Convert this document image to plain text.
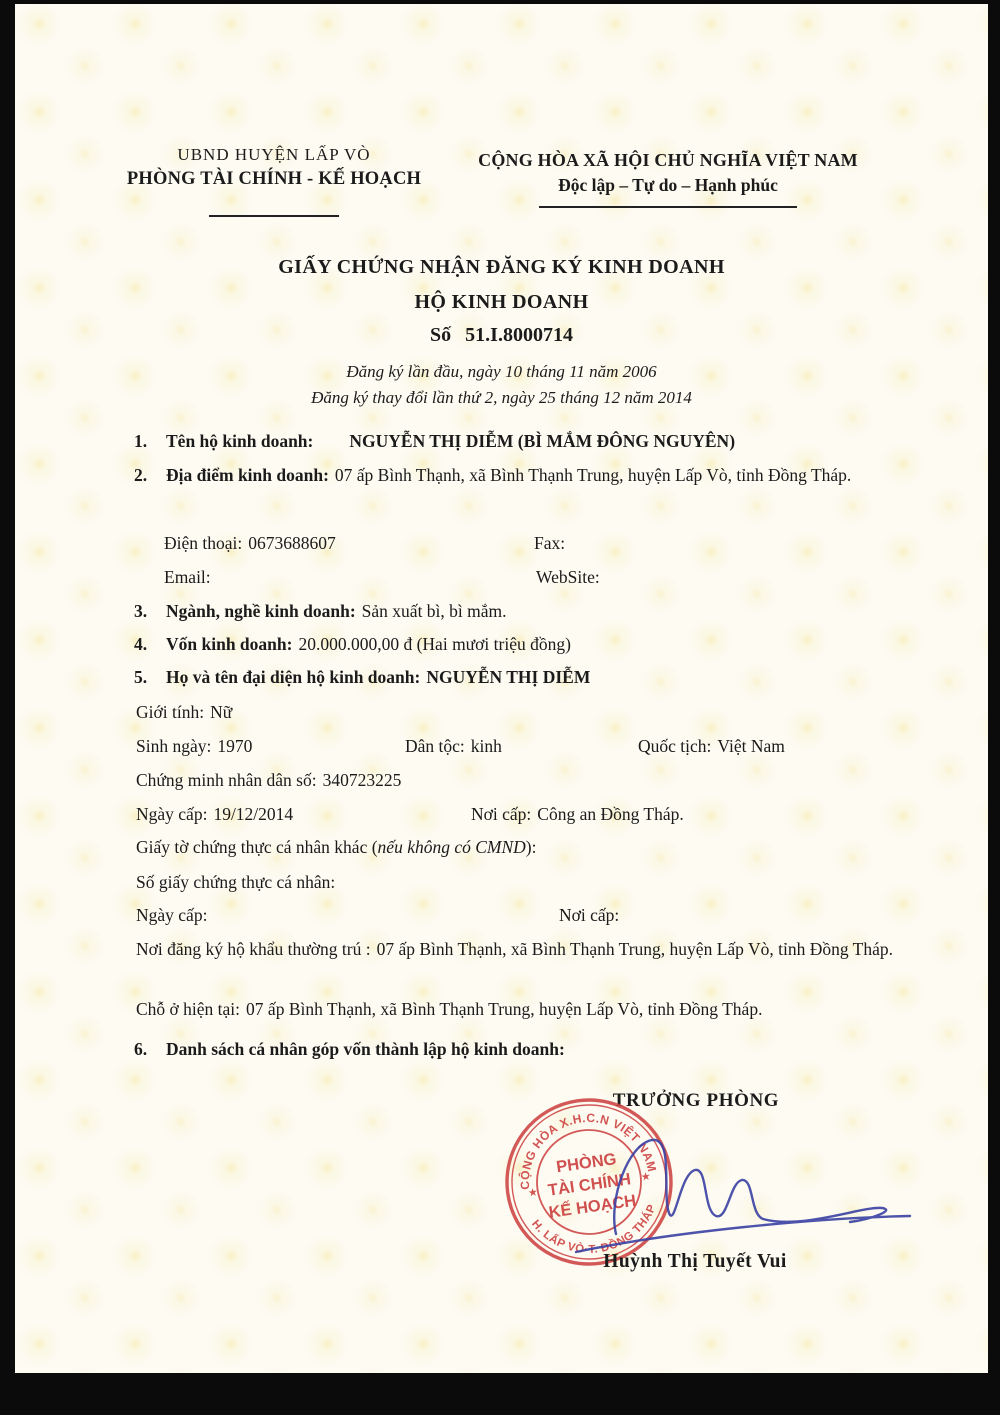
UBND HUYỆN LẤP VÒ
PHÒNG TÀI CHÍNH - KẾ HOẠCH
CỘNG HÒA XÃ HỘI CHỦ NGHĨA VIỆT NAM
Độc lập – Tự do – Hạnh phúc
GIẤY CHỨNG NHẬN ĐĂNG KÝ KINH DOANH
HỘ KINH DOANH
Số 51.I.8000714
Đăng ký lần đầu, ngày 10 tháng 11 năm 2006
Đăng ký thay đổi lần thứ 2, ngày 25 tháng 12 năm 2014
1. Tên hộ kinh doanh: NGUYỄN THỊ DIỄM (BÌ MẮM ĐÔNG NGUYÊN)
2. Địa điểm kinh doanh: 07 ấp Bình Thạnh, xã Bình Thạnh Trung, huyện Lấp Vò, tỉnh Đồng Tháp.
Điện thoại: 0673688607	Fax:
Email:	WebSite:
3. Ngành, nghề kinh doanh: Sản xuất bì, bì mắm.
4. Vốn kinh doanh: 20.000.000,00 đ (Hai mươi triệu đồng)
5. Họ và tên đại diện hộ kinh doanh: NGUYỄN THỊ DIỄM
Giới tính: Nữ
Sinh ngày: 1970	Dân tộc: kinh	Quốc tịch: Việt Nam
Chứng minh nhân dân số: 340723225
Ngày cấp: 19/12/2014	Nơi cấp: Công an Đồng Tháp.
Giấy tờ chứng thực cá nhân khác (nếu không có CMND):
Số giấy chứng thực cá nhân:
Ngày cấp:	Nơi cấp:
Nơi đăng ký hộ khẩu thường trú : 07 ấp Bình Thạnh, xã Bình Thạnh Trung, huyện Lấp Vò, tỉnh Đồng Tháp.
Chỗ ở hiện tại: 07 ấp Bình Thạnh, xã Bình Thạnh Trung, huyện Lấp Vò, tỉnh Đồng Tháp.
6. Danh sách cá nhân góp vốn thành lập hộ kinh doanh:
TRƯỞNG PHÒNG
CỘNG HÒA X.H.C.N VIỆT NAM
H. LẤP VÒ·T. ĐỒNG THÁP
★
★
PHÒNG
TÀI CHÍNH
KẾ HOẠCH
Huỳnh Thị Tuyết Vui
